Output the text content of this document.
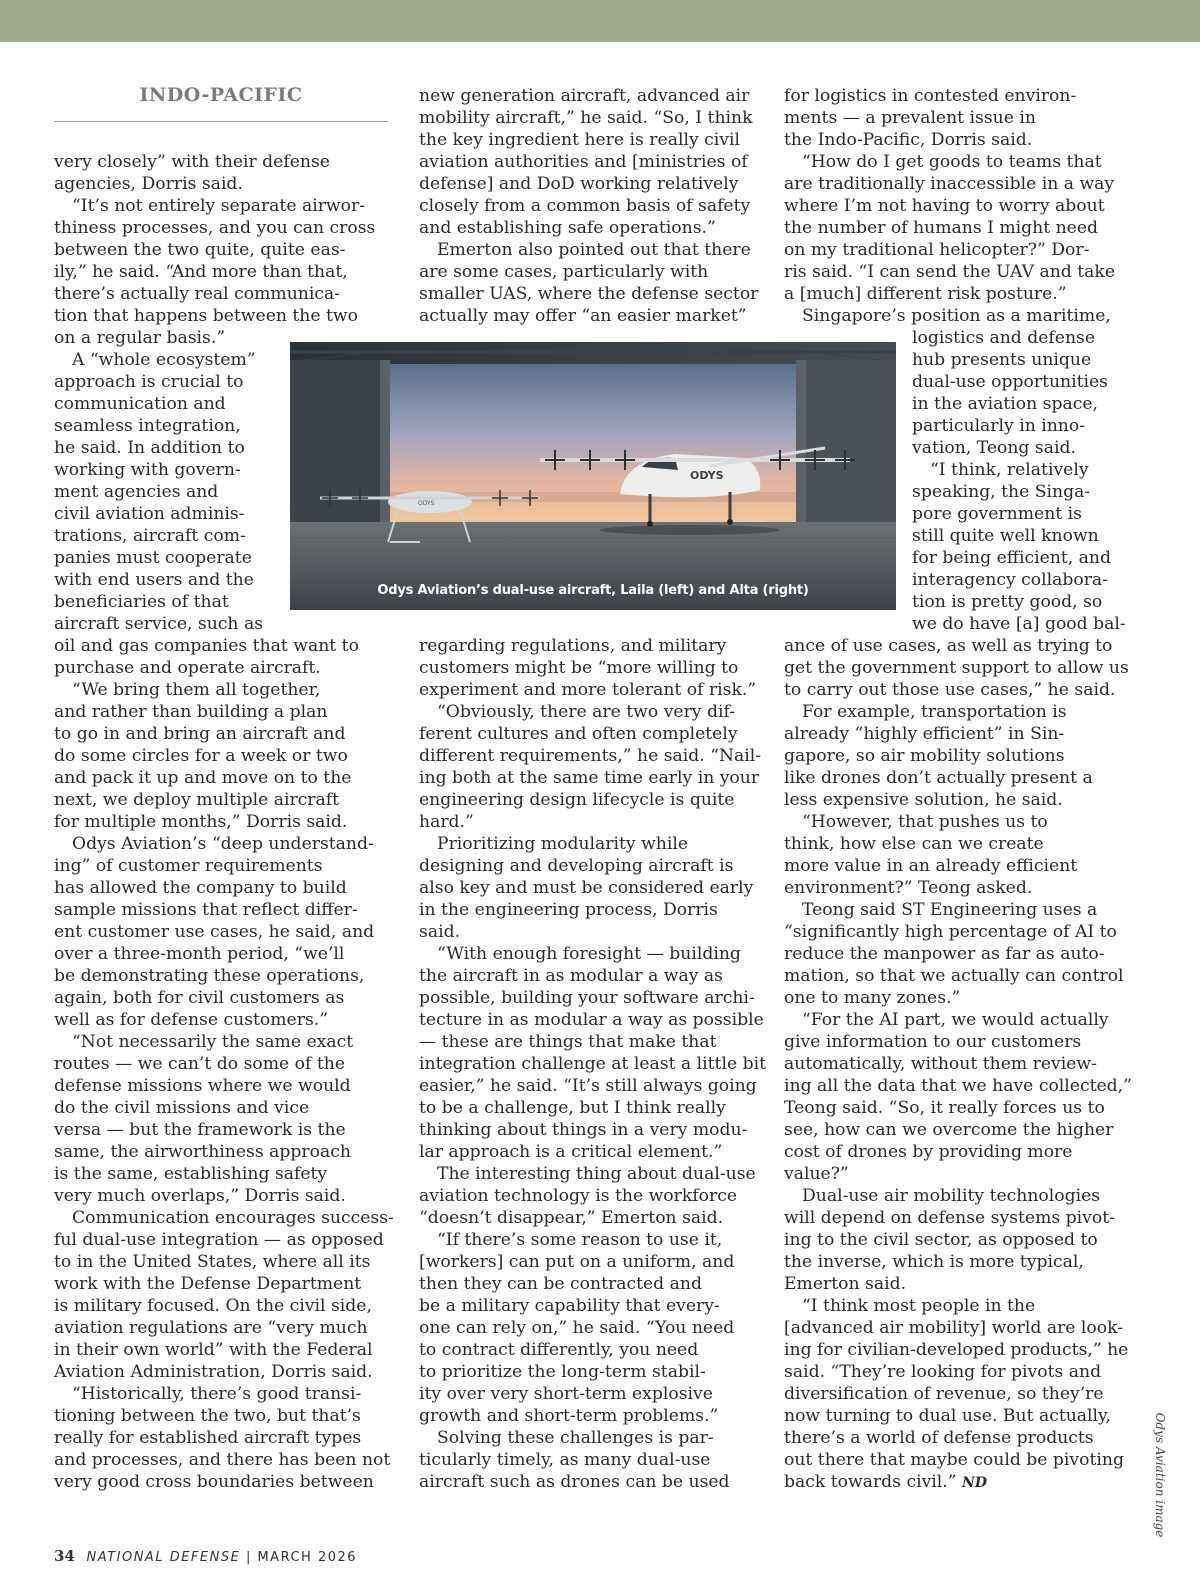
INDO-PACIFIC
very closely” with their defense
agencies, Dorris said.
“It’s not entirely separate airwor-
thiness processes, and you can cross
between the two quite, quite eas-
ily,” he said. “And more than that,
there’s actually real communica-
tion that happens between the two
on a regular basis.”
A “whole ecosystem”
approach is crucial to
communication and
seamless integration,
he said. In addition to
working with govern-
ment agencies and
civil aviation adminis-
trations, aircraft com-
panies must cooperate
with end users and the
beneficiaries of that
aircraft service, such as
oil and gas companies that want to
purchase and operate aircraft.
“We bring them all together,
and rather than building a plan
to go in and bring an aircraft and
do some circles for a week or two
and pack it up and move on to the
next, we deploy multiple aircraft
for multiple months,” Dorris said.
Odys Aviation’s “deep understand-
ing” of customer requirements
has allowed the company to build
sample missions that reflect differ-
ent customer use cases, he said, and
over a three-month period, “we’ll
be demonstrating these operations,
again, both for civil customers as
well as for defense customers.”
“Not necessarily the same exact
routes — we can’t do some of the
defense missions where we would
do the civil missions and vice
versa — but the framework is the
same, the airworthiness approach
is the same, establishing safety
very much overlaps,” Dorris said.
Communication encourages success-
ful dual-use integration — as opposed
to in the United States, where all its
work with the Defense Department
is military focused. On the civil side,
aviation regulations are “very much
in their own world” with the Federal
Aviation Administration, Dorris said.
“Historically, there’s good transi-
tioning between the two, but that’s
really for established aircraft types
and processes, and there has been not
very good cross boundaries between
new generation aircraft, advanced air
mobility aircraft,” he said. “So, I think
the key ingredient here is really civil
aviation authorities and [ministries of
defense] and DoD working relatively
closely from a common basis of safety
and establishing safe operations.”
Emerton also pointed out that there
are some cases, particularly with
smaller UAS, where the defense sector
actually may offer “an easier market”
regarding regulations, and military
customers might be “more willing to
experiment and more tolerant of risk.”
“Obviously, there are two very dif-
ferent cultures and often completely
different requirements,” he said. “Nail-
ing both at the same time early in your
engineering design lifecycle is quite
hard.”
Prioritizing modularity while
designing and developing aircraft is
also key and must be considered early
in the engineering process, Dorris
said.
“With enough foresight — building
the aircraft in as modular a way as
possible, building your software archi-
tecture in as modular a way as possible
— these are things that make that
integration challenge at least a little bit
easier,” he said. “It’s still always going
to be a challenge, but I think really
thinking about things in a very modu-
lar approach is a critical element.”
The interesting thing about dual-use
aviation technology is the workforce
“doesn’t disappear,” Emerton said.
“If there’s some reason to use it,
[workers] can put on a uniform, and
then they can be contracted and
be a military capability that every-
one can rely on,” he said. “You need
to contract differently, you need
to prioritize the long-term stabil-
ity over very short-term explosive
growth and short-term problems.”
Solving these challenges is par-
ticularly timely, as many dual-use
aircraft such as drones can be used
for logistics in contested environ-
ments — a prevalent issue in
the Indo-Pacific, Dorris said.
“How do I get goods to teams that
are traditionally inaccessible in a way
where I’m not having to worry about
the number of humans I might need
on my traditional helicopter?” Dor-
ris said. “I can send the UAV and take
a [much] different risk posture.”
Singapore’s position as a maritime,
logistics and defense
hub presents unique
dual-use opportunities
in the aviation space,
particularly in inno-
vation, Teong said.
“I think, relatively
speaking, the Singa-
pore government is
still quite well known
for being efficient, and
interagency collabora-
tion is pretty good, so
we do have [a] good bal-
ance of use cases, as well as trying to
get the government support to allow us
to carry out those use cases,” he said.
For example, transportation is
already “highly efficient” in Sin-
gapore, so air mobility solutions
like drones don’t actually present a
less expensive solution, he said.
“However, that pushes us to
think, how else can we create
more value in an already efficient
environment?” Teong asked.
Teong said ST Engineering uses a
“significantly high percentage of AI to
reduce the manpower as far as auto-
mation, so that we actually can control
one to many zones.”
“For the AI part, we would actually
give information to our customers
automatically, without them review-
ing all the data that we have collected,”
Teong said. “So, it really forces us to
see, how can we overcome the higher
cost of drones by providing more
value?”
Dual-use air mobility technologies
will depend on defense systems pivot-
ing to the civil sector, as opposed to
the inverse, which is more typical,
Emerton said.
“I think most people in the
[advanced air mobility] world are look-
ing for civilian-developed products,” he
said. “They’re looking for pivots and
diversification of revenue, so they’re
now turning to dual use. But actually,
there’s a world of defense products
out there that maybe could be pivoting
back towards civil.” ND
ODYS
ODYS
Odys Aviation’s dual-use aircraft, Laila (left) and Alta (right)
Odys Aviation image
34 NATIONAL DEFENSE | MARCH 2026
